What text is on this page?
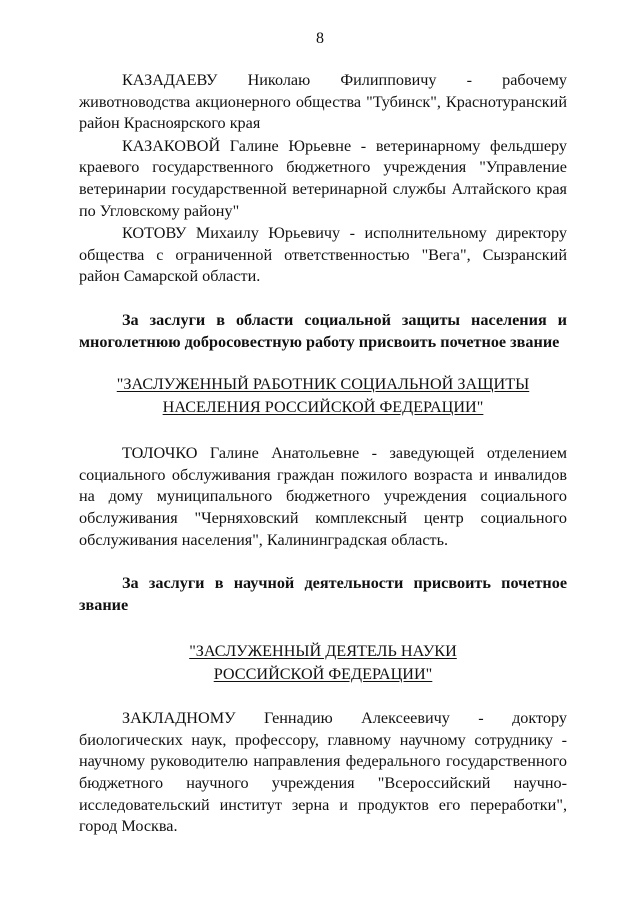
8

КАЗАДАЕВУ Николаю Филипповичу - рабочему животноводства акционерного общества "Тубинск", Краснотуранский район Красноярского края

КАЗАКОВОЙ Галине Юрьевне - ветеринарному фельдшеру краевого государственного бюджетного учреждения "Управление ветеринарии государственной ветеринарной службы Алтайского края по Угловскому району"

КОТОВУ Михаилу Юрьевичу - исполнительному директору общества с ограниченной ответственностью "Вега", Сызранский район Самарской области.

За заслуги в области социальной защиты населения и многолетнюю добросовестную работу присвоить почетное звание

"ЗАСЛУЖЕННЫЙ РАБОТНИК СОЦИАЛЬНОЙ ЗАЩИТЫ
НАСЕЛЕНИЯ РОССИЙСКОЙ ФЕДЕРАЦИИ"

ТОЛОЧКО Галине Анатольевне - заведующей отделением социального обслуживания граждан пожилого возраста и инвалидов на дому муниципального бюджетного учреждения социального обслуживания "Черняховский комплексный центр социального обслуживания населения", Калининградская область.

За заслуги в научной деятельности присвоить почетное звание

"ЗАСЛУЖЕННЫЙ ДЕЯТЕЛЬ НАУКИ
РОССИЙСКОЙ ФЕДЕРАЦИИ"

ЗАКЛАДНОМУ Геннадию Алексеевичу - доктору биологических наук, профессору, главному научному сотруднику - научному руководителю направления федерального государственного бюджетного научного учреждения "Всероссийский научно-исследовательский институт зерна и продуктов его переработки", город Москва.
